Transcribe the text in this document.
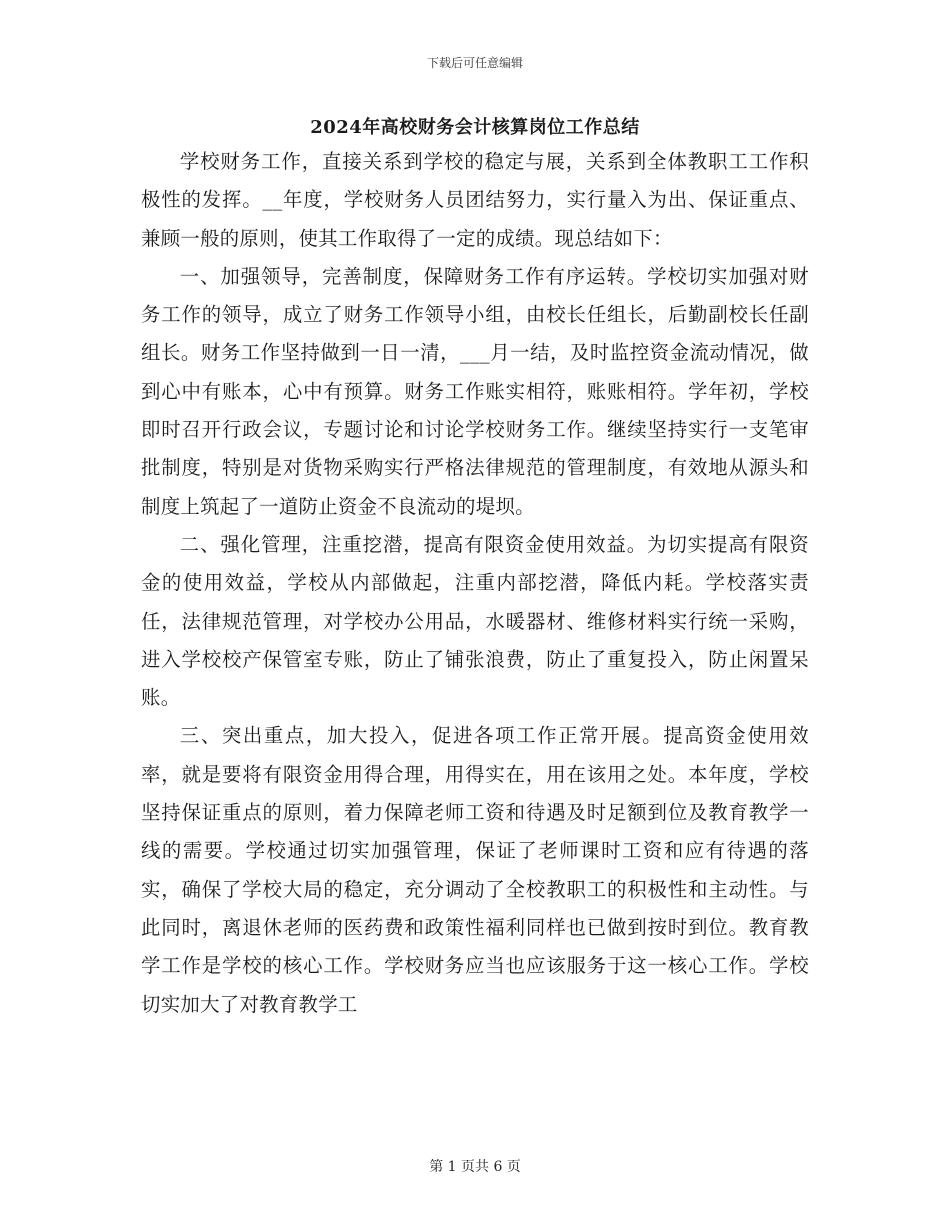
下载后可任意编辑
2024年高校财务会计核算岗位工作总结

学校财务工作，直接关系到学校的稳定与展，关系到全体教职工工作积极性的发挥。__年度，学校财务人员团结努力，实行量入为出、保证重点、兼顾一般的原则，使其工作取得了一定的成绩。现总结如下：

一、加强领导，完善制度，保障财务工作有序运转。学校切实加强对财务工作的领导，成立了财务工作领导小组，由校长任组长，后勤副校长任副组长。财务工作坚持做到一日一清，___月一结，及时监控资金流动情况，做到心中有账本，心中有预算。财务工作账实相符，账账相符。学年初，学校即时召开行政会议，专题讨论和讨论学校财务工作。继续坚持实行一支笔审批制度，特别是对货物采购实行严格法律规范的管理制度，有效地从源头和制度上筑起了一道防止资金不良流动的堤坝。

二、强化管理，注重挖潜，提高有限资金使用效益。为切实提高有限资金的使用效益，学校从内部做起，注重内部挖潜，降低内耗。学校落实责任，法律规范管理，对学校办公用品，水暖器材、维修材料实行统一采购，进入学校校产保管室专账，防止了铺张浪费，防止了重复投入，防止闲置呆账。

三、突出重点，加大投入，促进各项工作正常开展。提高资金使用效率，就是要将有限资金用得合理，用得实在，用在该用之处。本年度，学校坚持保证重点的原则，着力保障老师工资和待遇及时足额到位及教育教学一线的需要。学校通过切实加强管理，保证了老师课时工资和应有待遇的落实，确保了学校大局的稳定，充分调动了全校教职工的积极性和主动性。与此同时，离退休老师的医药费和政策性福利同样也已做到按时到位。教育教学工作是学校的核心工作。学校财务应当也应该服务于这一核心工作。学校切实加大了对教育教学工

第 1 页共 6 页
